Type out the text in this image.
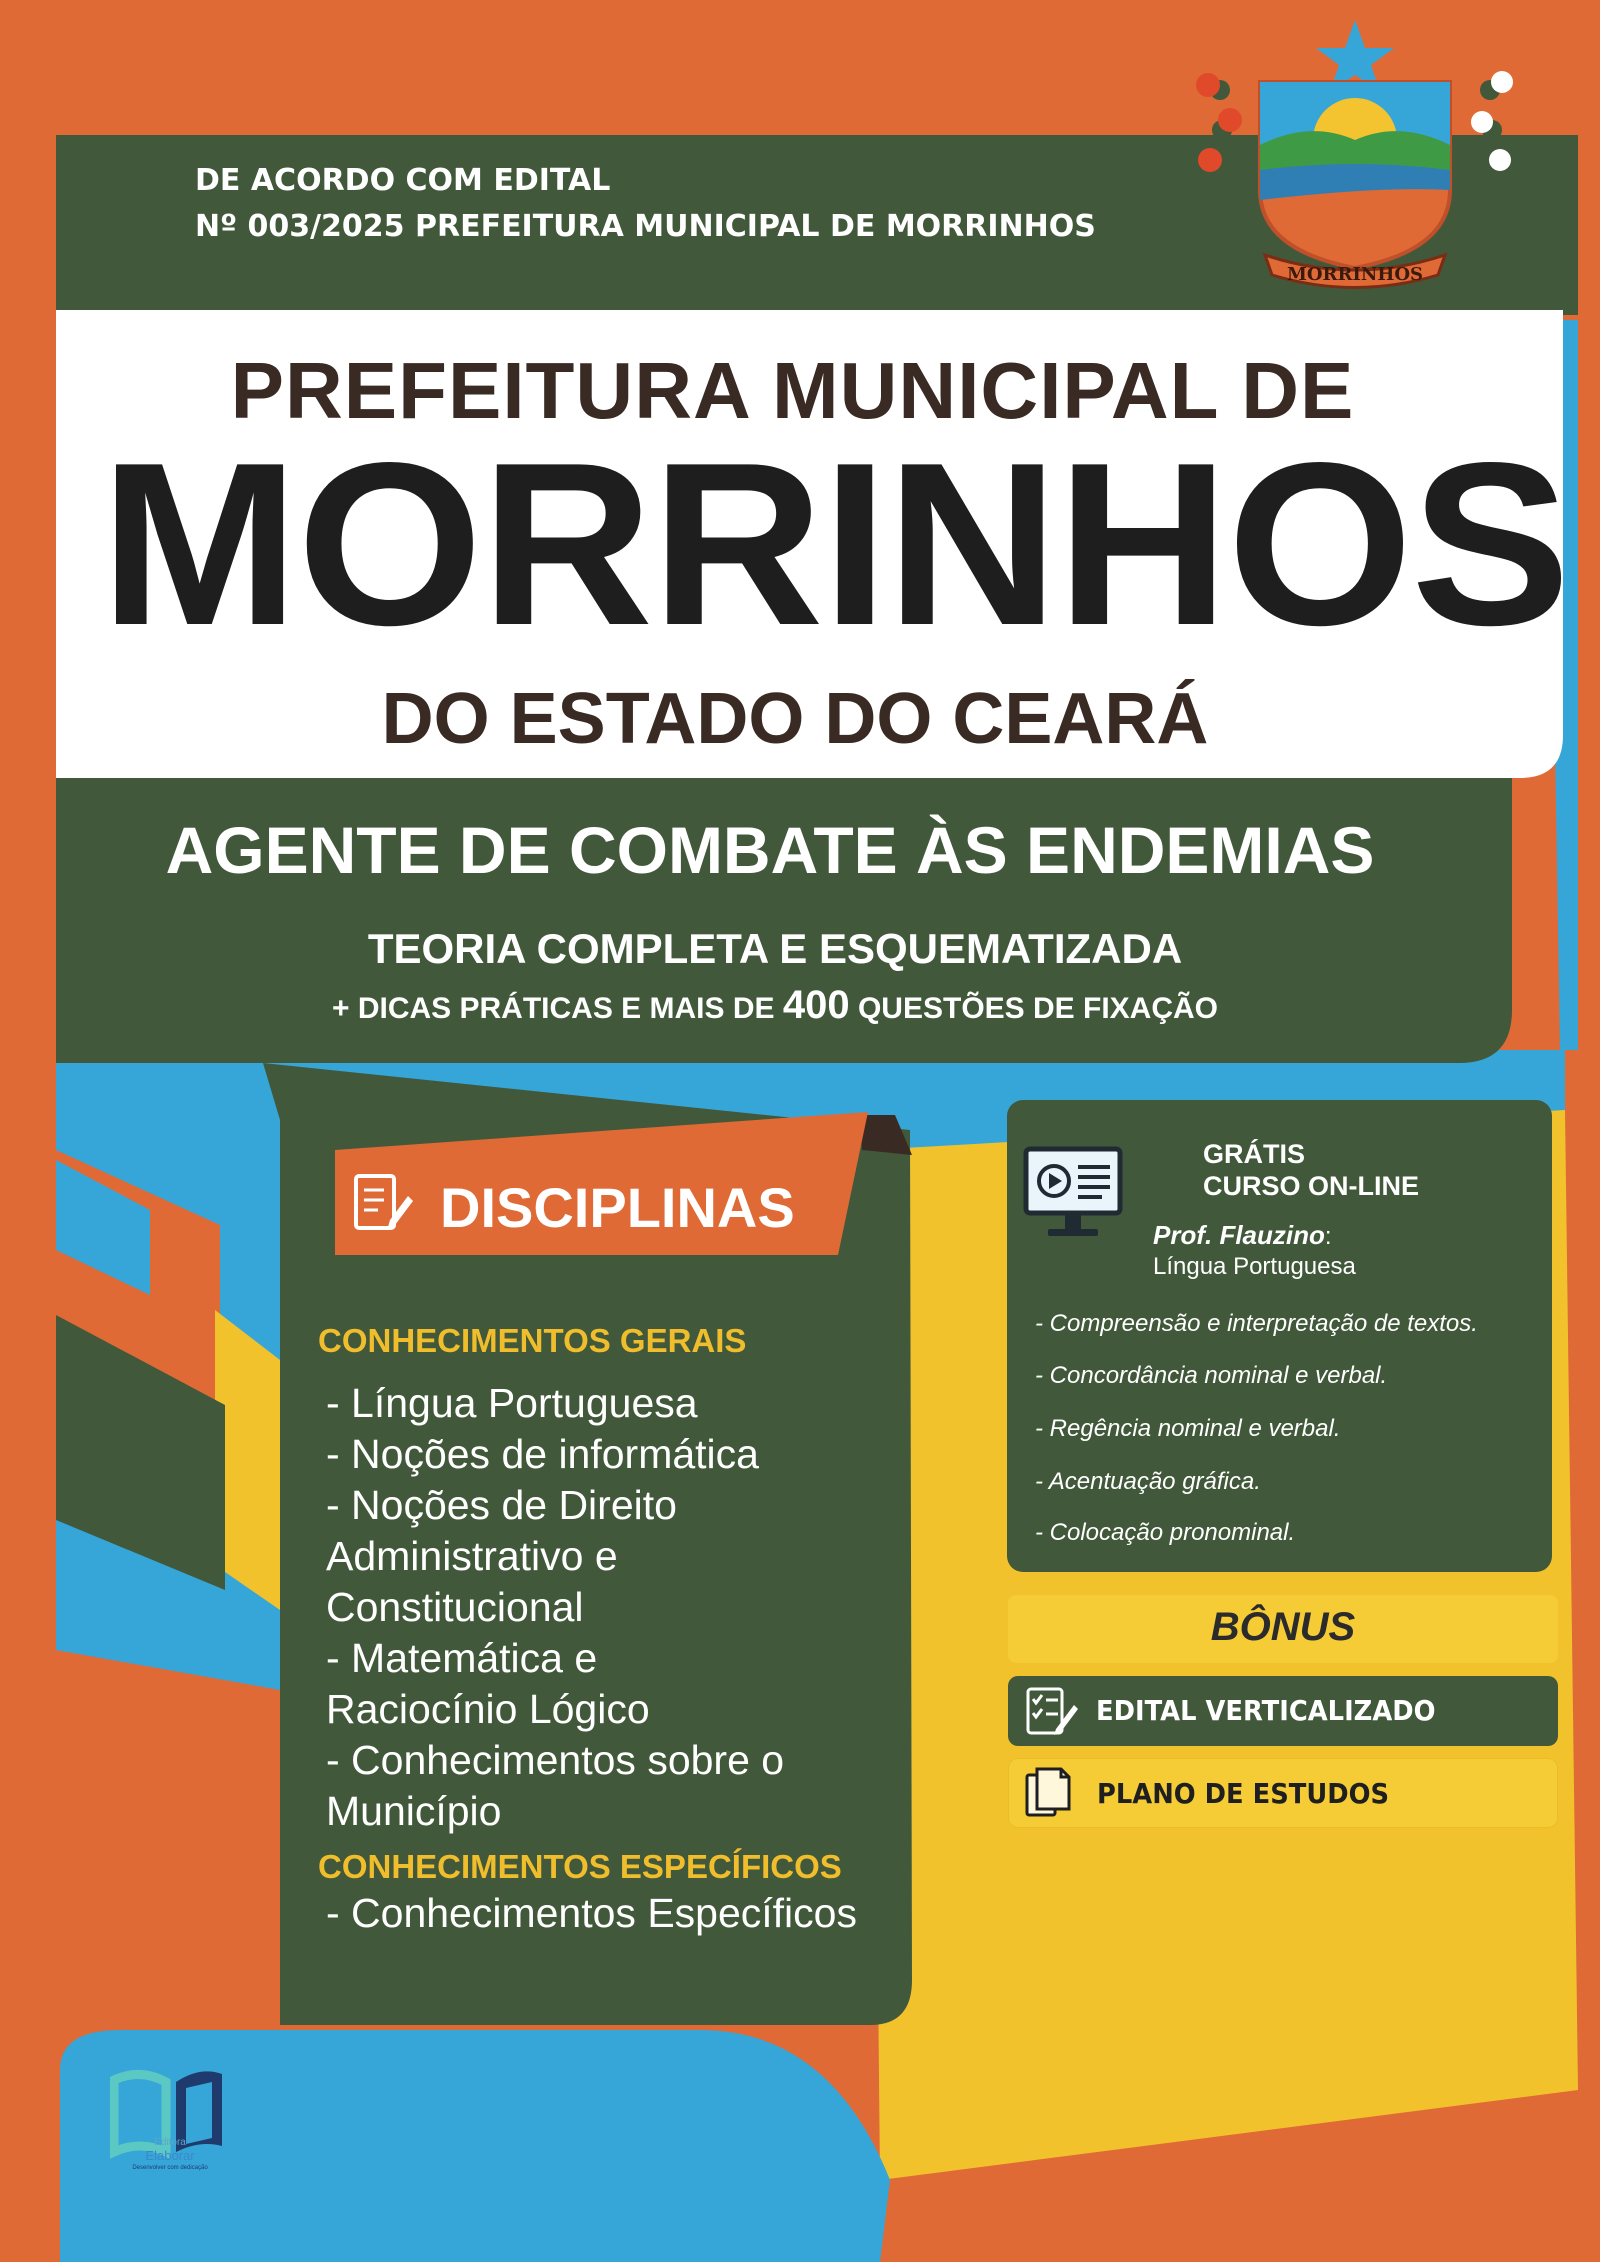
MORRINHOS
DE ACORDO COM EDITAL
Nº 003/2025 PREFEITURA MUNICIPAL DE MORRINHOS
PREFEITURA MUNICIPAL DE
MORRINHOS
DO ESTADO DO CEARÁ
AGENTE DE COMBATE ÀS ENDEMIAS
TEORIA COMPLETA E ESQUEMATIZADA
+ DICAS PRÁTICAS E MAIS DE 400 QUESTÕES DE FIXAÇÃO
DISCIPLINAS
CONHECIMENTOS GERAIS
- Língua Portuguesa
- Noções de informática
- Noções de Direito
Administrativo e
Constitucional
- Matemática e
Raciocínio Lógico
- Conhecimentos sobre o
Município
CONHECIMENTOS ESPECÍFICOS
- Conhecimentos Específicos
GRÁTIS
CURSO ON-LINE
Prof. Flauzino:
Língua Portuguesa
- Compreensão e interpretação de textos.
- Concordância nominal e verbal.
- Regência nominal e verbal.
- Acentuação gráfica.
- Colocação pronominal.
BÔNUS
EDITAL VERTICALIZADO
PLANO DE ESTUDOS
Editora
Elaborar
Desenvolver com dedicação
